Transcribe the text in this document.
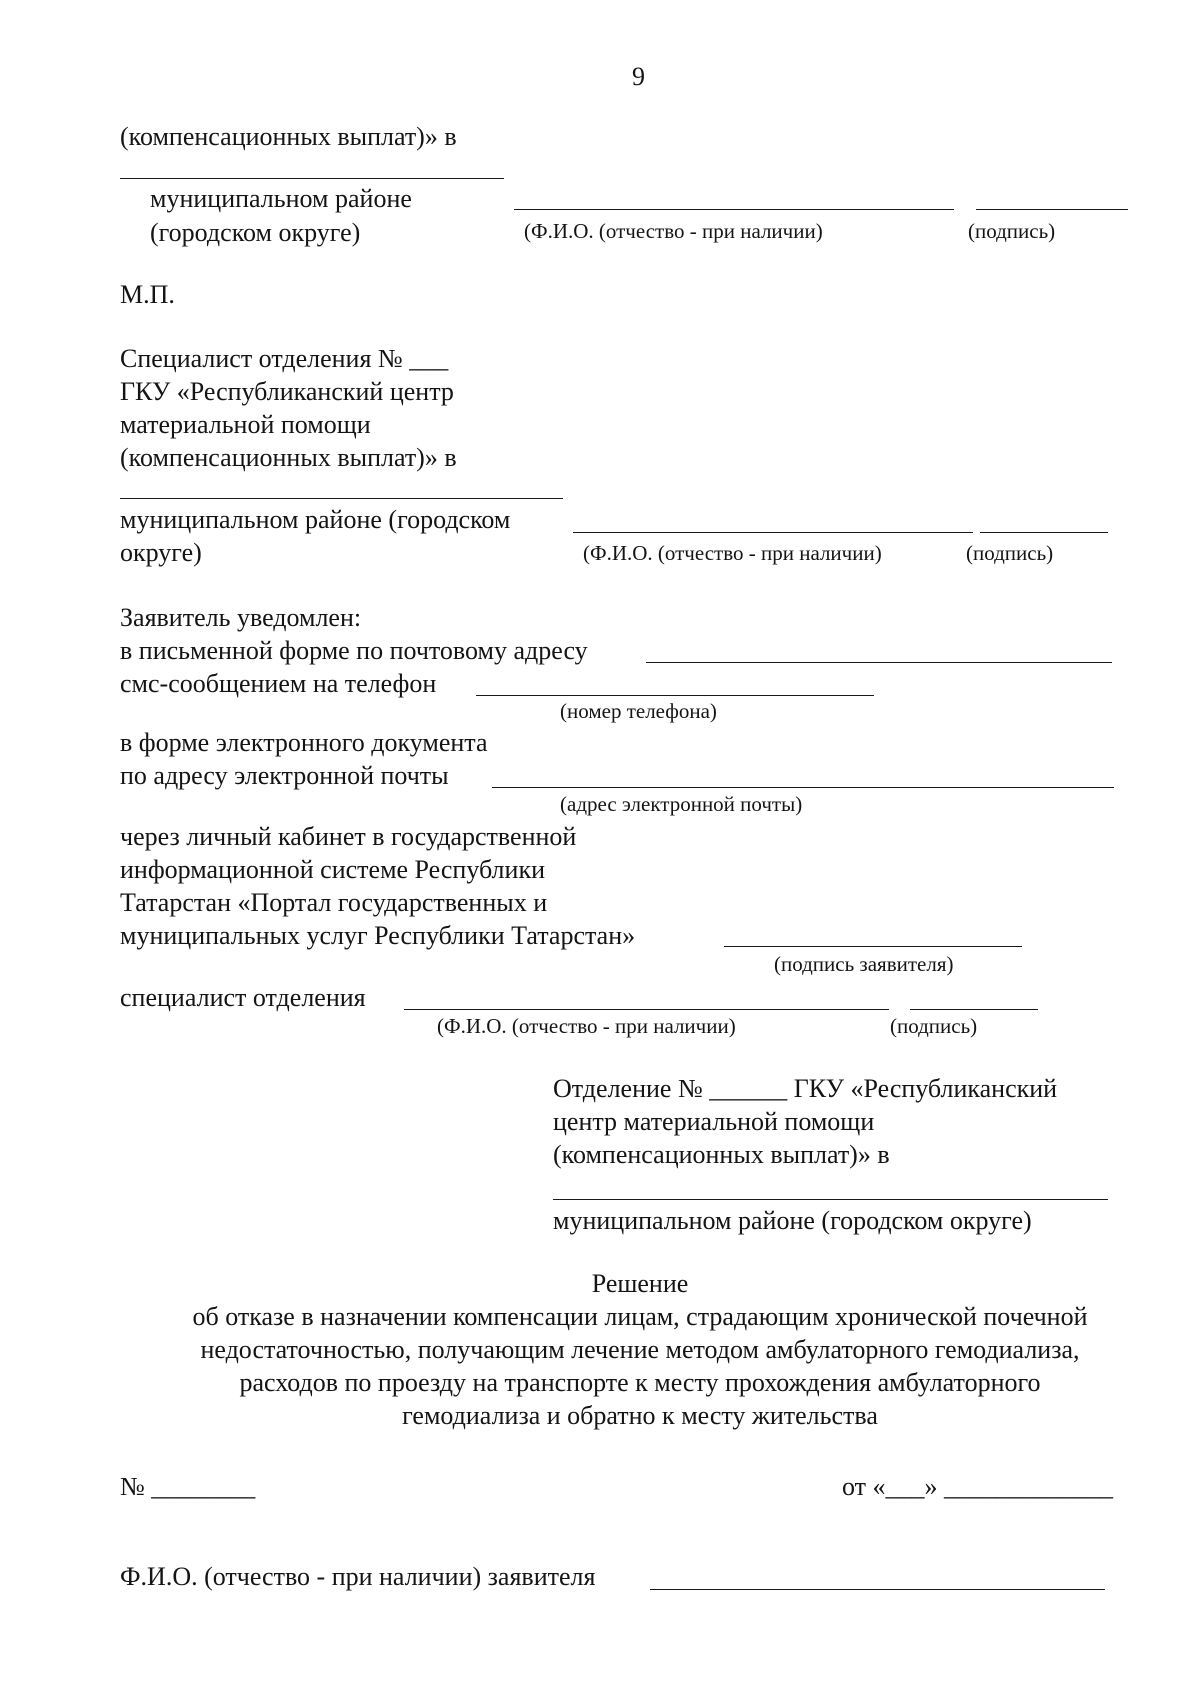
9
(компенсационных выплат)» в
муниципальном районе
(городском округе)	(Ф.И.О. (отчество - при наличии)	(подпись)
М.П.
Специалист отделения № ___
ГКУ «Республиканский центр
материальной помощи
(компенсационных выплат)» в
муниципальном районе (городском
округе)	(Ф.И.О. (отчество - при наличии)	(подпись)
Заявитель уведомлен:
в письменной форме по почтовому адресу
смс-сообщением на телефон
(номер телефона)
в форме электронного документа
по адресу электронной почты
(адрес электронной почты)
через личный кабинет в государственной
информационной системе Республики
Татарстан «Портал государственных и
муниципальных услуг Республики Татарстан»
(подпись заявителя)
специалист отделения
(Ф.И.О. (отчество - при наличии)	(подпись)
Отделение № ______ ГКУ «Республиканский
центр материальной помощи
(компенсационных выплат)» в
муниципальном районе (городском округе)
Решение
об отказе в назначении компенсации лицам, страдающим хронической почечной
недостаточностью, получающим лечение методом амбулаторного гемодиализа,
расходов по проезду на транспорте к месту прохождения амбулаторного
гемодиализа и обратно к месту жительства
№ ________	от «___» _____________
Ф.И.О. (отчество - при наличии) заявителя
